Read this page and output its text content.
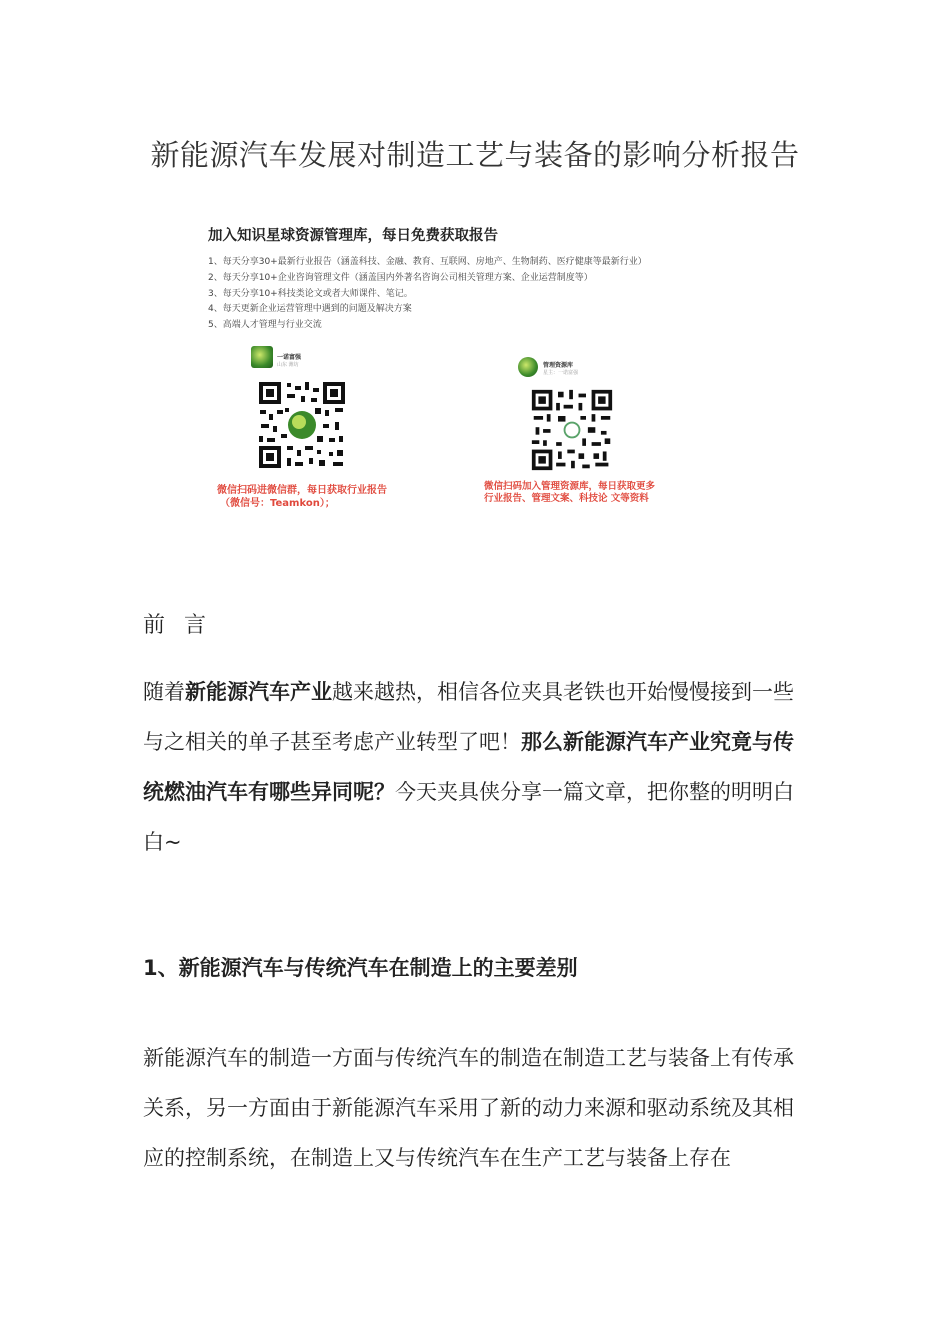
新能源汽车发展对制造工艺与装备的影响分析报告
加入知识星球资源管理库，每日免费获取报告
1、每天分享30+最新行业报告（涵盖科技、金融、教育、互联网、房地产、生物制药、医疗健康等最新行业）
2、每天分享10+企业咨询管理文件（涵盖国内外著名咨询公司相关管理方案、企业运营制度等）
3、每天分享10+科技类论文或者大师课件、笔记。
4、每天更新企业运营管理中遇到的问题及解决方案
5、高端人才管理与行业交流
一诺富强
山东 潍坊
微信扫码进微信群，每日获取行业报告
（微信号：Teamkon）；
管理资源库
星主：一诺富强
微信扫码加入管理资源库，每日获取更多
行业报告、管理文案、科技论 文等资料
前 言
随着新能源汽车产业越来越热，相信各位夹具老铁也开始慢慢接到一些与之相关的单子甚至考虑产业转型了吧！那么新能源汽车产业究竟与传统燃油汽车有哪些异同呢？今天夹具侠分享一篇文章，把你整的明明白白~
1、新能源汽车与传统汽车在制造上的主要差别
新能源汽车的制造一方面与传统汽车的制造在制造工艺与装备上有传承关系，另一方面由于新能源汽车采用了新的动力来源和驱动系统及其相应的控制系统，在制造上又与传统汽车在生产工艺与装备上存在
